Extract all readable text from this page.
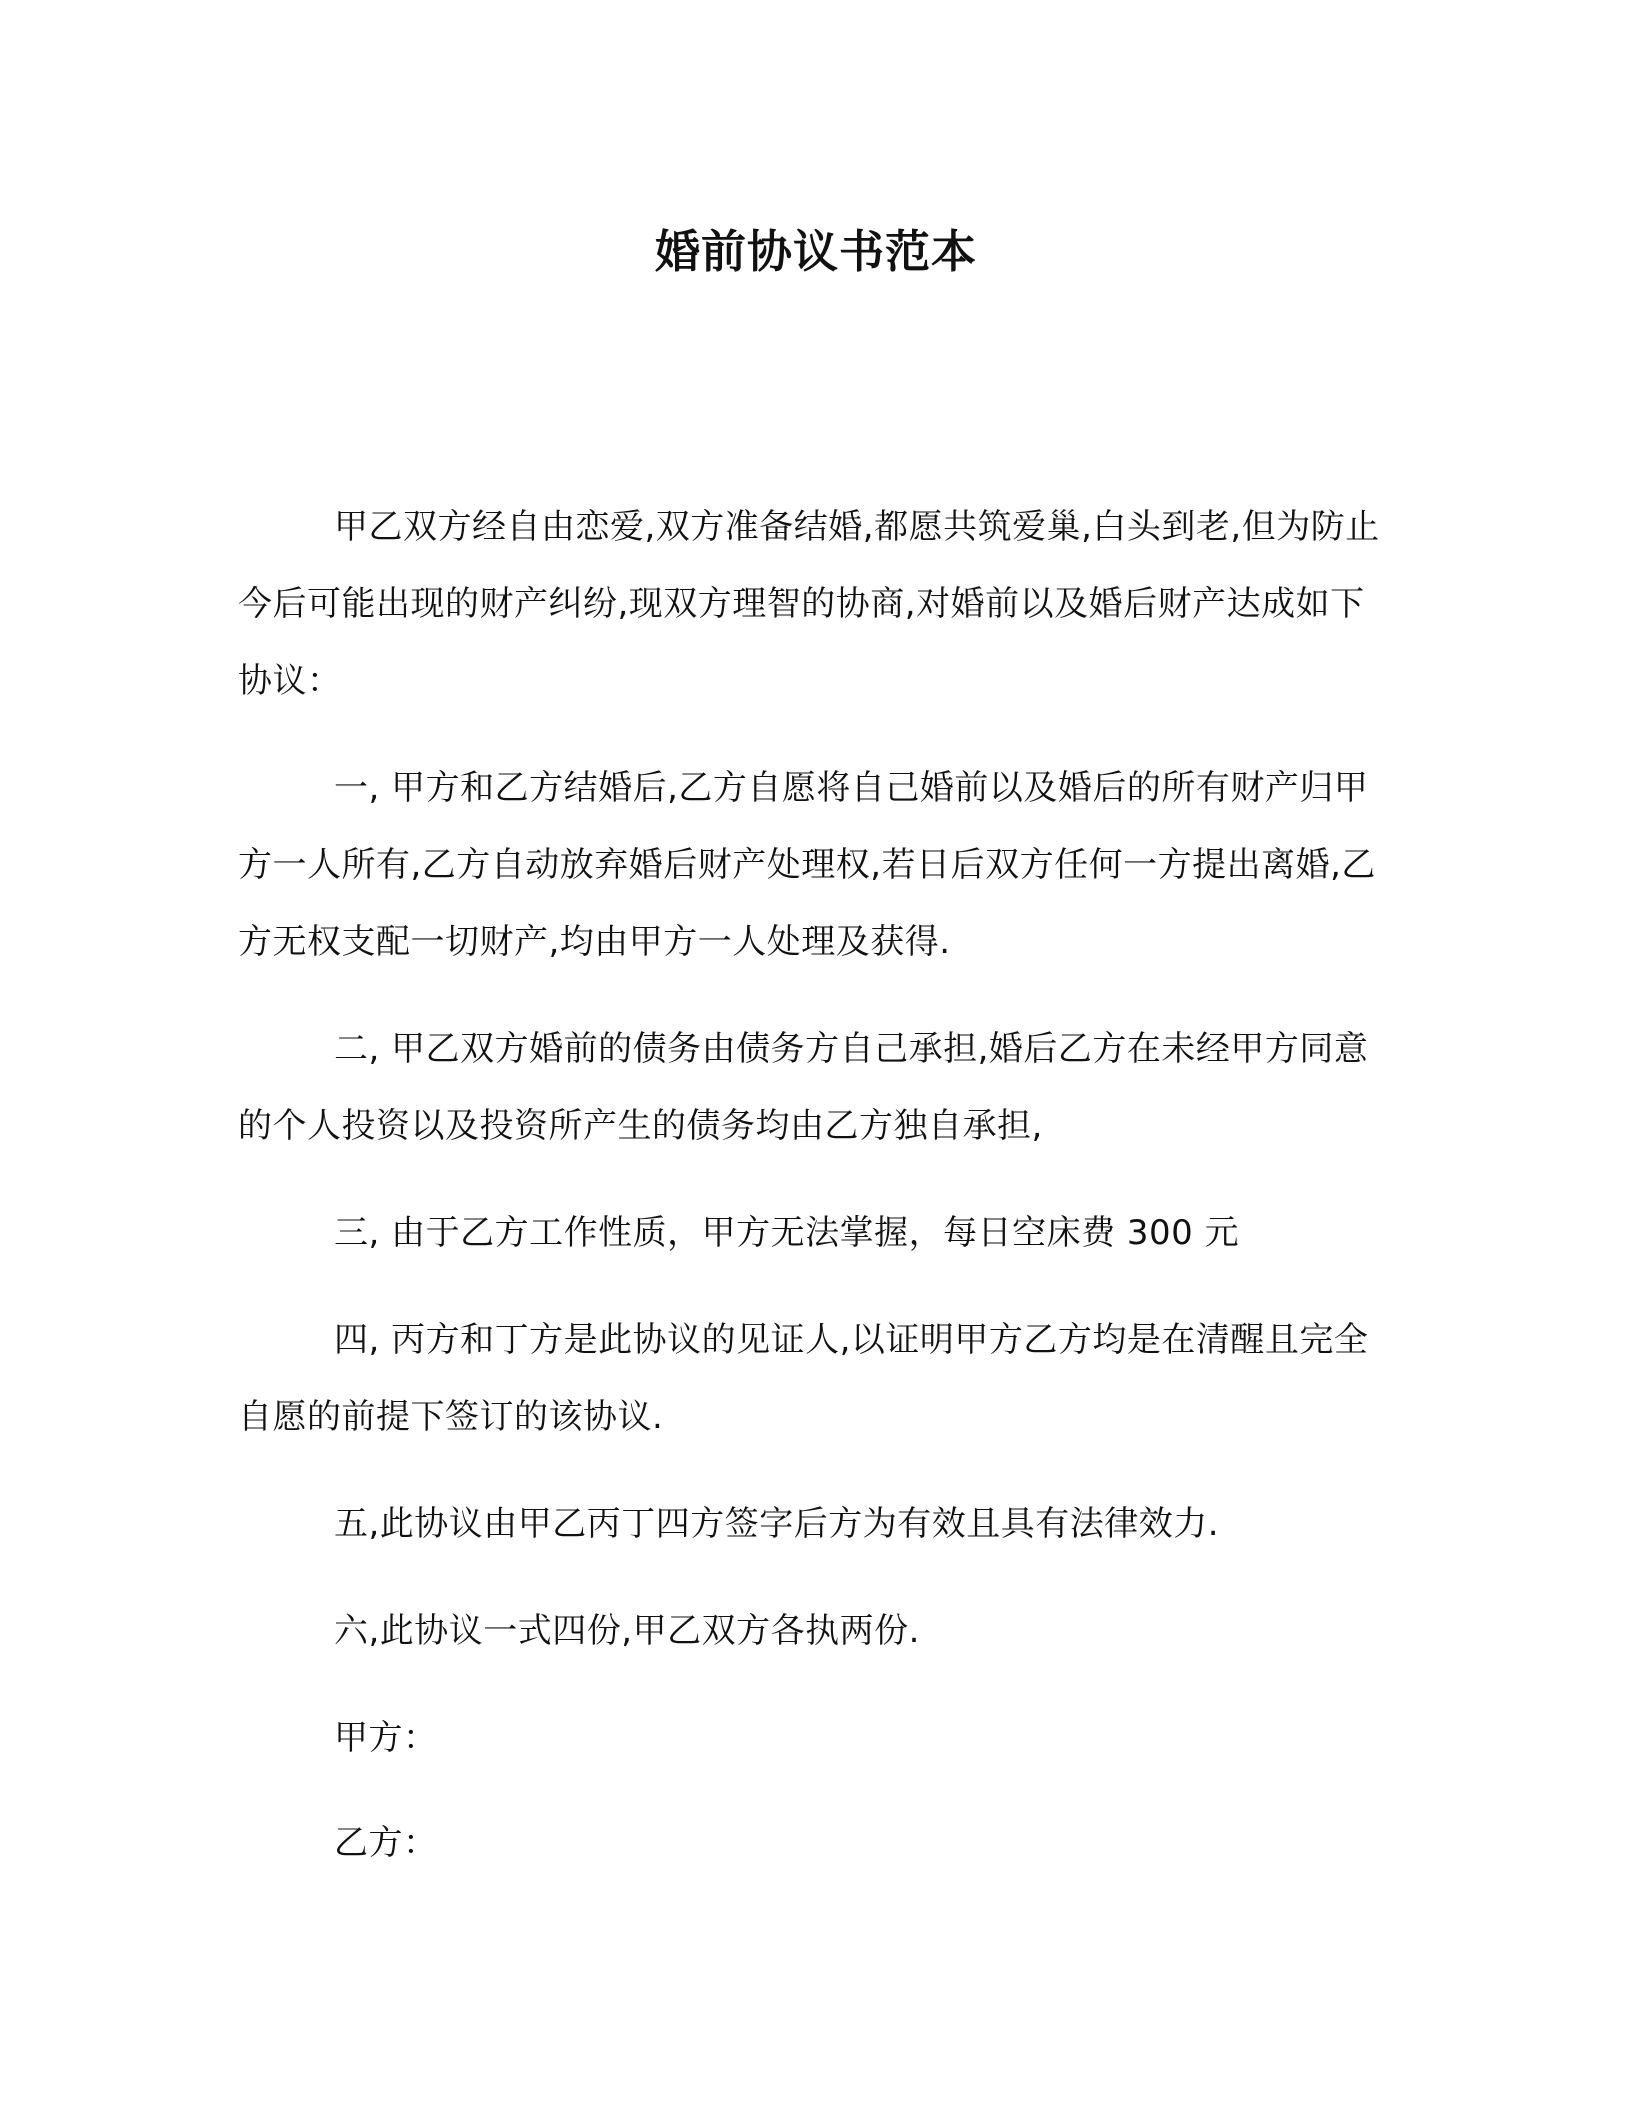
婚前协议书范本

甲乙双方经自由恋爱,双方准备结婚,都愿共筑爱巢,白头到老,但为防止今后可能出现的财产纠纷,现双方理智的协商,对婚前以及婚后财产达成如下协议：

一, 甲方和乙方结婚后,乙方自愿将自己婚前以及婚后的所有财产归甲方一人所有,乙方自动放弃婚后财产处理权,若日后双方任何一方提出离婚,乙方无权支配一切财产,均由甲方一人处理及获得.

二, 甲乙双方婚前的债务由债务方自己承担,婚后乙方在未经甲方同意的个人投资以及投资所产生的债务均由乙方独自承担,

三, 由于乙方工作性质，甲方无法掌握，每日空床费 300 元

四, 丙方和丁方是此协议的见证人,以证明甲方乙方均是在清醒且完全自愿的前提下签订的该协议.

五,此协议由甲乙丙丁四方签字后方为有效且具有法律效力.

六,此协议一式四份,甲乙双方各执两份.

甲方：
乙方：
